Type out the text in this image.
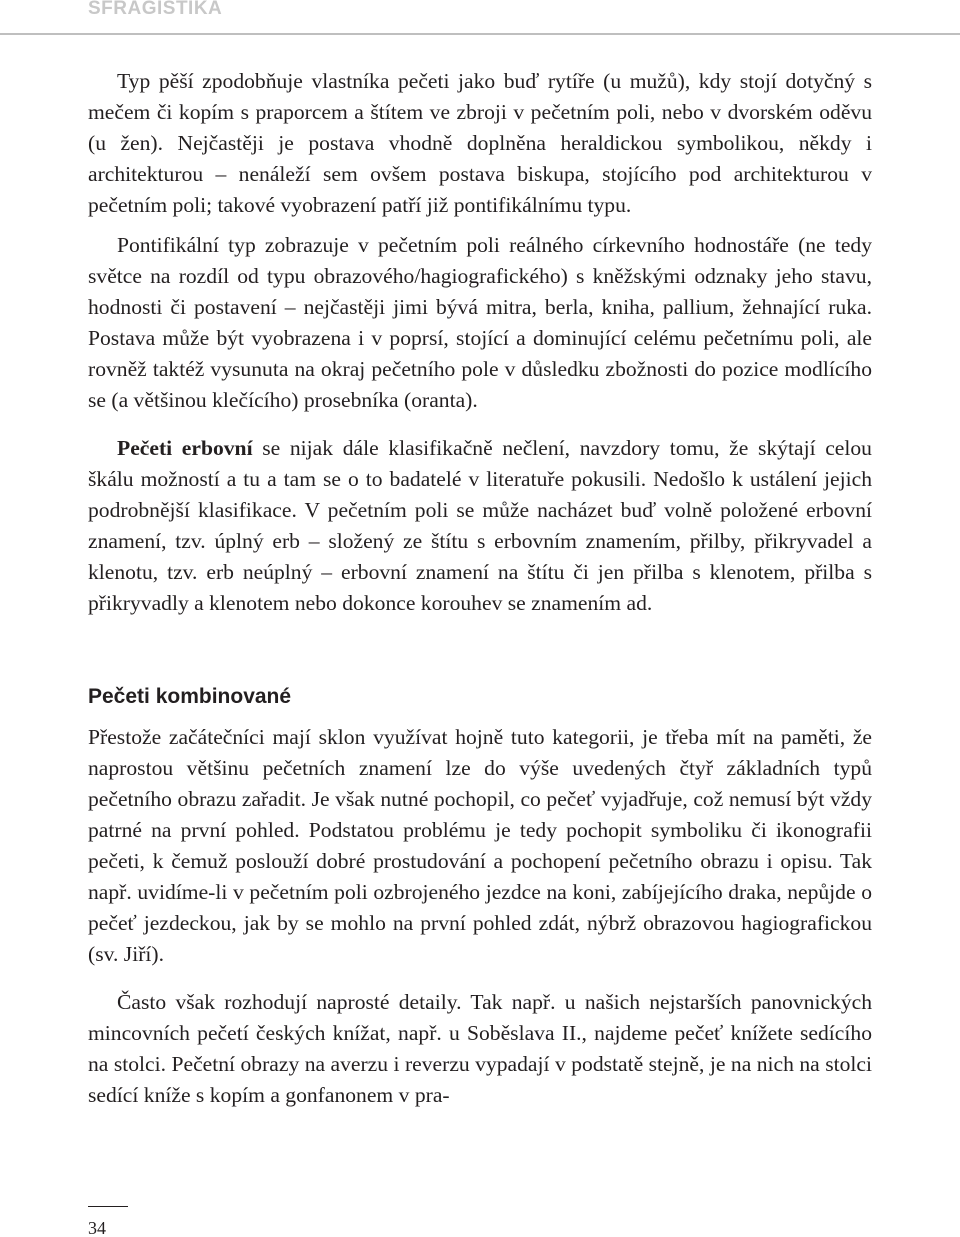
SFRAGISTIKA

Typ pěší zpodobňuje vlastníka pečeti jako buď rytíře (u mužů), kdy stojí dotyčný s mečem či kopím s praporcem a štítem ve zbroji v pečetním poli, nebo v dvorském oděvu (u žen). Nejčastěji je postava vhodně doplněna heraldickou symbolikou, někdy i architekturou – nenáleží sem ovšem postava biskupa, stojícího pod architekturou v pečetním poli; takové vyobrazení patří již pontifikálnímu typu.

Pontifikální typ zobrazuje v pečetním poli reálného církevního hodnostáře (ne tedy světce na rozdíl od typu obrazového/hagiografického) s kněžskými odznaky jeho stavu, hodnosti či postavení – nejčastěji jimi bývá mitra, berla, kniha, pallium, žehnající ruka. Postava může být vyobrazena i v poprsí, stojící a dominující celému pečetnímu poli, ale rovněž taktéž vysunuta na okraj pečetního pole v důsledku zbožnosti do pozice modlícího se (a většinou klečícího) prosebníka (oranta).

Pečeti erbovní se nijak dále klasifikačně nečlení, navzdory tomu, že skýtají celou škálu možností a tu a tam se o to badatelé v literatuře pokusili. Nedošlo k ustálení jejich podrobnější klasifikace. V pečetním poli se může nacházet buď volně položené erbovní znamení, tzv. úplný erb – složený ze štítu s erbovním znamením, přilby, přikryvadel a klenotu, tzv. erb neúplný – erbovní znamení na štítu či jen přilba s klenotem, přilba s přikryvadly a klenotem nebo dokonce korouhev se znamením ad.

Pečeti kombinované

Přestože začátečníci mají sklon využívat hojně tuto kategorii, je třeba mít na paměti, že naprostou většinu pečetních znamení lze do výše uvedených čtyř základních typů pečetního obrazu zařadit. Je však nutné pochopil, co pečeť vyjadřuje, což nemusí být vždy patrné na první pohled. Podstatou problému je tedy pochopit symboliku či ikonografii pečeti, k čemuž poslouží dobré prostudování a pochopení pečetního obrazu i opisu. Tak např. uvidíme-li v pečetním poli ozbrojeného jezdce na koni, zabíjejícího draka, nepůjde o pečeť jezdeckou, jak by se mohlo na první pohled zdát, nýbrž obrazovou hagiografickou (sv. Jiří).

Často však rozhodují naprosté detaily. Tak např. u našich nejstarších panovnických mincovních pečetí českých knížat, např. u Soběslava II., najdeme pečeť knížete sedícího na stolci. Pečetní obrazy na averzu i reverzu vypadají v podstatě stejně, je na nich na stolci sedící kníže s kopím a gonfanonem v pra-

34
